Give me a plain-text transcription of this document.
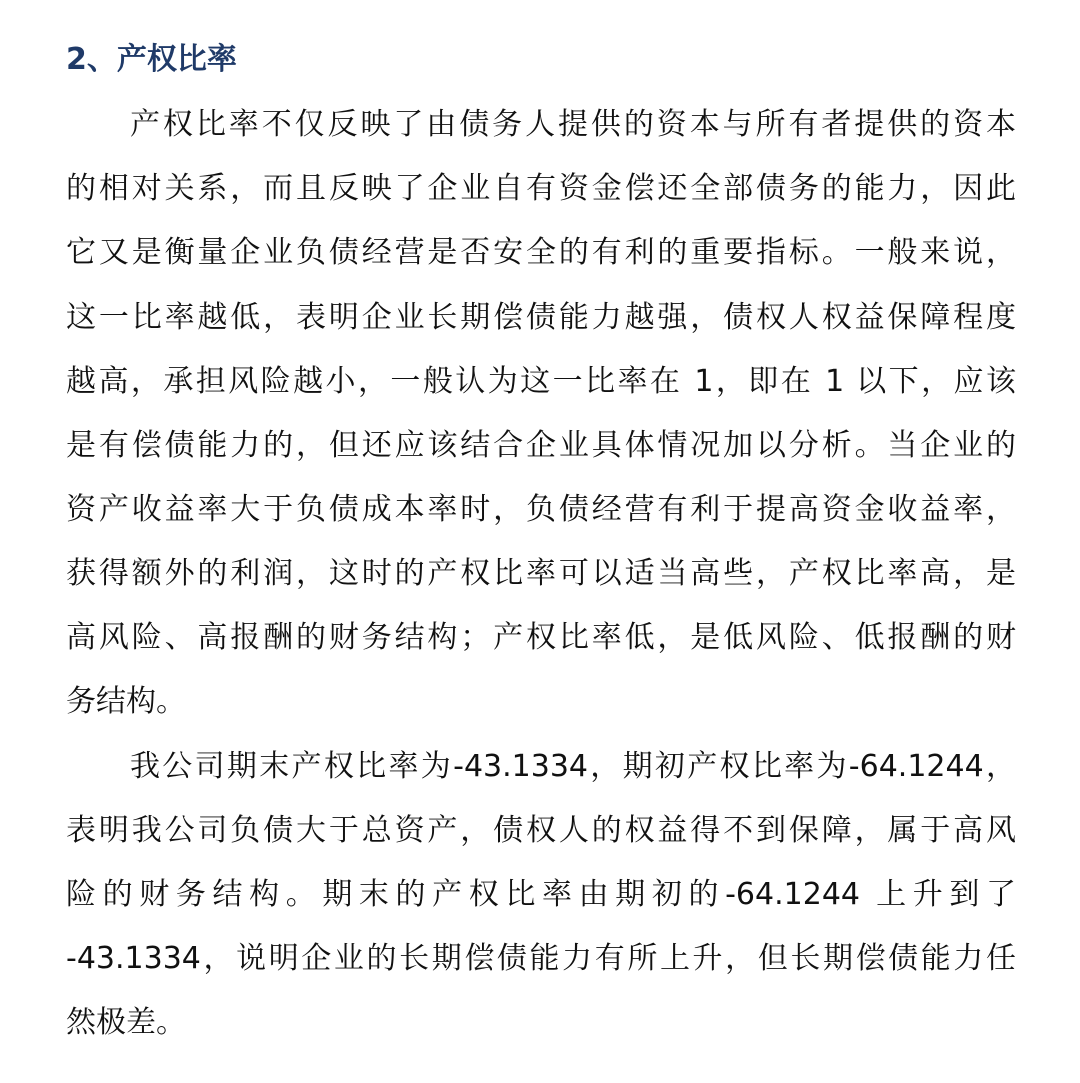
2、产权比率
产权比率不仅反映了由债务人提供的资本与所有者提供的资本
的相对关系，而且反映了企业自有资金偿还全部债务的能力，因此
它又是衡量企业负债经营是否安全的有利的重要指标。一般来说，
这一比率越低，表明企业长期偿债能力越强，债权人权益保障程度
越高，承担风险越小，一般认为这一比率在 1，即在 1 以下，应该
是有偿债能力的，但还应该结合企业具体情况加以分析。当企业的
资产收益率大于负债成本率时，负债经营有利于提高资金收益率，
获得额外的利润，这时的产权比率可以适当高些，产权比率高，是
高风险、高报酬的财务结构；产权比率低，是低风险、低报酬的财
务结构。
我公司期末产权比率为-43.1334，期初产权比率为-64.1244，
表明我公司负债大于总资产，债权人的权益得不到保障，属于高风
险的财务结构。期末的产权比率由期初的-64.1244 上升到了
-43.1334，说明企业的长期偿债能力有所上升，但长期偿债能力任
然极差。
